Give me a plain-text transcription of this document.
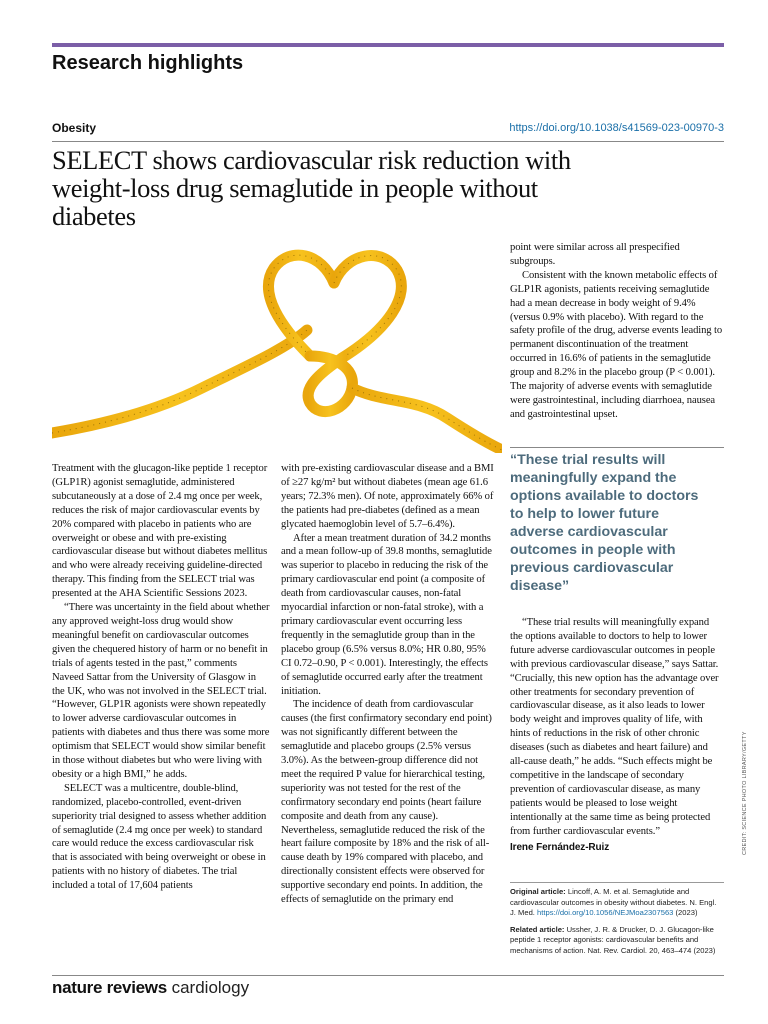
Research highlights
Obesity	https://doi.org/10.1038/s41569-023-00970-3
SELECT shows cardiovascular risk reduction with weight-loss drug semaglutide in people without diabetes

Treatment with the glucagon-like peptide 1 receptor (GLP1R) agonist semaglutide, administered subcutaneously at a dose of 2.4 mg once per week, reduces the risk of major cardiovascular events by 20% compared with placebo in patients who are overweight or obese and with pre-existing cardiovascular disease but without diabetes mellitus and who were already receiving guideline-directed therapy. This finding from the SELECT trial was presented at the AHA Scientific Sessions 2023.

“There was uncertainty in the field about whether any approved weight-loss drug would show meaningful benefit on cardiovascular outcomes given the chequered history of harm or no benefit in trials of agents tested in the past,” comments Naveed Sattar from the University of Glasgow in the UK, who was not involved in the SELECT trial. “However, GLP1R agonists were shown repeatedly to lower adverse cardiovascular outcomes in patients with diabetes and thus there was some more optimism that SELECT would show similar benefit in those without diabetes but who were living with obesity or a high BMI,” he adds.

SELECT was a multicentre, double-blind, randomized, placebo-controlled, event-driven superiority trial designed to assess whether addition of semaglutide (2.4 mg once per week) to standard care would reduce the excess cardiovascular risk that is associated with being overweight or obese in patients with no history of diabetes. The trial included a total of 17,604 patients

with pre-existing cardiovascular disease and a BMI of ≥27 kg/m² but without diabetes (mean age 61.6 years; 72.3% men). Of note, approximately 66% of the patients had pre-diabetes (defined as a mean glycated haemoglobin level of 5.7–6.4%).

After a mean treatment duration of 34.2 months and a mean follow-up of 39.8 months, semaglutide was superior to placebo in reducing the risk of the primary cardiovascular end point (a composite of death from cardiovascular causes, non-fatal myocardial infarction or non-fatal stroke), with a primary cardiovascular event occurring less frequently in the semaglutide group than in the placebo group (6.5% versus 8.0%; HR 0.80, 95% CI 0.72–0.90, P < 0.001). Interestingly, the effects of semaglutide occurred early after the treatment initiation.

The incidence of death from cardiovascular causes (the first confirmatory secondary end point) was not significantly different between the semaglutide and placebo groups (2.5% versus 3.0%). As the between-group difference did not meet the required P value for hierarchical testing, superiority was not tested for the rest of the confirmatory secondary end points (heart failure composite and death from any cause). Nevertheless, semaglutide reduced the risk of the heart failure composite by 18% and the risk of all-cause death by 19% compared with placebo, and directionally consistent effects were observed for supportive secondary end points. In addition, the effects of semaglutide on the primary end

point were similar across all prespecified subgroups.

Consistent with the known metabolic effects of GLP1R agonists, patients receiving semaglutide had a mean decrease in body weight of 9.4% (versus 0.9% with placebo). With regard to the safety profile of the drug, adverse events leading to permanent discontinuation of the treatment occurred in 16.6% of patients in the semaglutide group and 8.2% in the placebo group (P < 0.001). The majority of adverse events with semaglutide were gastrointestinal, including diarrhoea, nausea and gastrointestinal upset.

“These trial results will meaningfully expand the options available to doctors to help to lower future adverse cardiovascular outcomes in people with previous cardiovascular disease”

“These trial results will meaningfully expand the options available to doctors to help to lower future adverse cardiovascular outcomes in people with previous cardiovascular disease,” says Sattar. “Crucially, this new option has the advantage over other treatments for secondary prevention of cardiovascular disease, as it also leads to lower body weight and improves quality of life, with hints of reductions in the risk of other chronic diseases (such as diabetes and heart failure) and all-cause death,” he adds. “Such effects might be competitive in the landscape of secondary prevention of cardiovascular disease, as many patients would be pleased to lose weight intentionally at the same time as being protected from further cardiovascular events.”

Irene Fernández-Ruiz

Original article: Lincoff, A. M. et al. Semaglutide and cardiovascular outcomes in obesity without diabetes. N. Engl. J. Med. https://doi.org/10.1056/NEJMoa2307563 (2023)

Related article: Ussher, J. R. & Drucker, D. J. Glucagon-like peptide 1 receptor agonists: cardiovascular benefits and mechanisms of action. Nat. Rev. Cardiol. 20, 463–474 (2023)

CREDIT: SCIENCE PHOTO LIBRARY/GETTY
nature reviews cardiology
